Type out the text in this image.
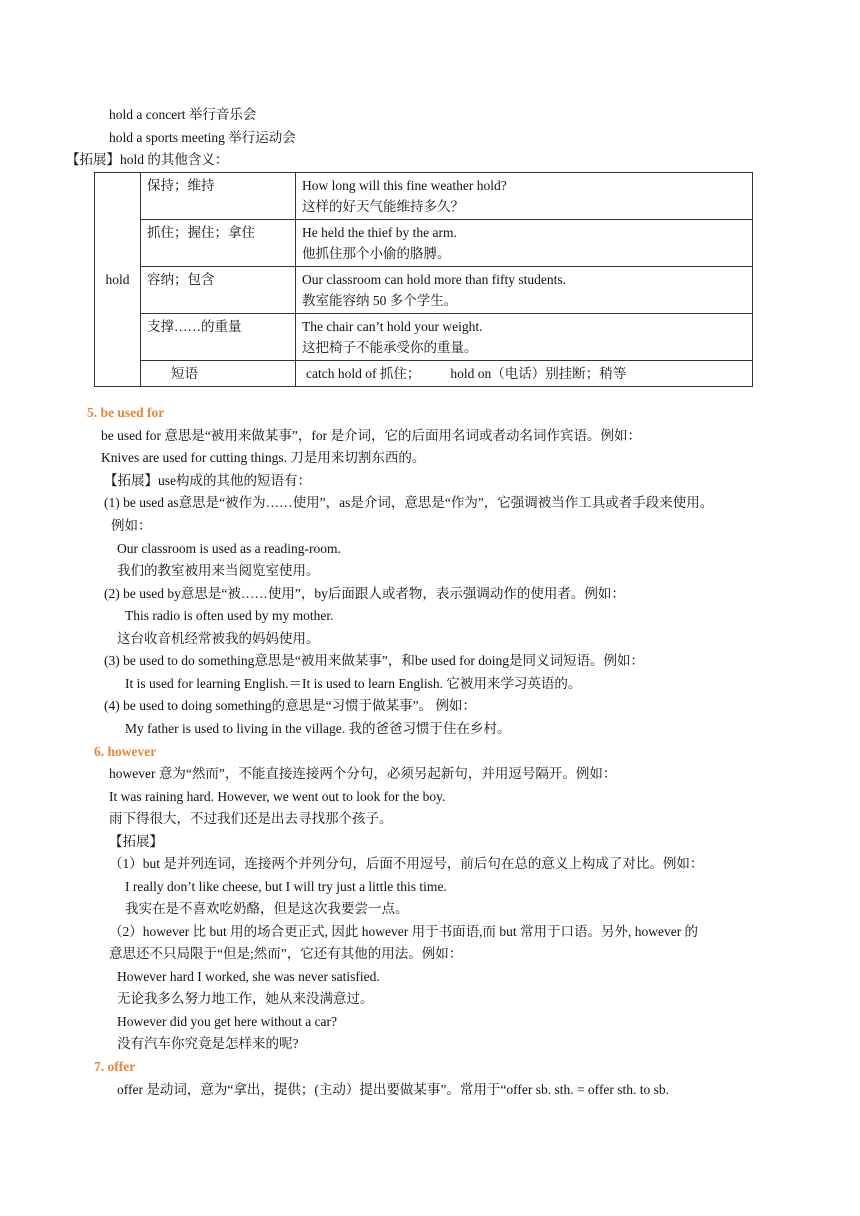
hold a concert 举行音乐会
hold a sports meeting 举行运动会
【拓展】hold 的其他含义：
hold	保持；维持	How long will this fine weather hold?
这样的好天气能维持多久？

	抓住；握住；拿住	He held the thief by the arm.
他抓住那个小偷的胳膊。

	容纳；包含	Our classroom can hold more than fifty students.
教室能容纳 50 多个学生。

	支撑……的重量	The chair can’t hold your weight.
这把椅子不能承受你的重量。

	短语	catch hold of 抓住； hold on（电话）别挂断；稍等
5. be used for
be used for 意思是“被用来做某事”，for 是介词，它的后面用名词或者动名词作宾语。例如：
Knives are used for cutting things. 刀是用来切割东西的。
【拓展】use构成的其他的短语有：
(1) be used as意思是“被作为……使用”，as是介词，意思是“作为”，它强调被当作工具或者手段来使用。
例如：
Our classroom is used as a reading-room.
我们的教室被用来当阅览室使用。
(2) be used by意思是“被……使用”，by后面跟人或者物，表示强调动作的使用者。例如：
This radio is often used by my mother.
这台收音机经常被我的妈妈使用。
(3) be used to do something意思是“被用来做某事”，和be used for doing是同义词短语。例如：
It is used for learning English.＝It is used to learn English. 它被用来学习英语的。
(4) be used to doing something的意思是“习惯于做某事”。 例如：
My father is used to living in the village. 我的爸爸习惯于住在乡村。
6. however
however 意为“然而”，不能直接连接两个分句，必须另起新句，并用逗号隔开。例如：
It was raining hard. However, we went out to look for the boy.
雨下得很大，不过我们还是出去寻找那个孩子。
【拓展】
（1）but 是并列连词，连接两个并列分句，后面不用逗号，前后句在总的意义上构成了对比。例如：
I really don’t like cheese, but I will try just a little this time.
我实在是不喜欢吃奶酪，但是这次我要尝一点。
（2）however 比 but 用的场合更正式, 因此 however 用于书面语,而 but 常用于口语。另外, however 的
意思还不只局限于“但是;然而”，它还有其他的用法。例如：
However hard I worked, she was never satisfied.
无论我多么努力地工作，她从来没满意过。
However did you get here without a car?
没有汽车你究竟是怎样来的呢?
7. offer
offer 是动词，意为“拿出，提供；(主动）提出要做某事”。常用于“offer sb. sth. = offer sth. to sb.
